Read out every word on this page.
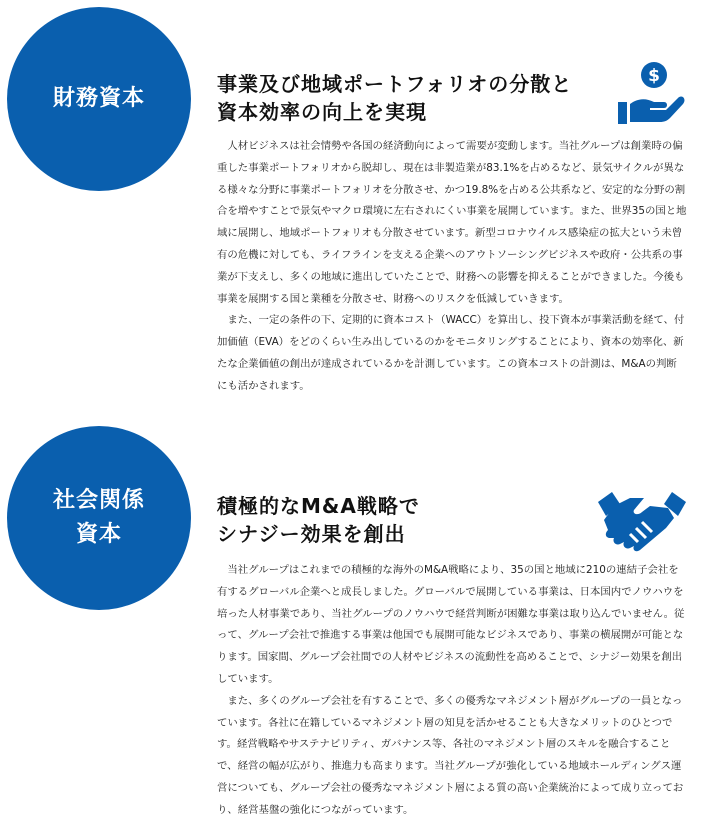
財務資本
事業及び地域ポートフォリオの分散と
資本効率の向上を実現
$

人材ビジネスは社会情勢や各国の経済動向によって需要が変動します。当社グループは創業時の偏重した事業ポートフォリオから脱却し、現在は非製造業が83.1%を占めるなど、景気サイクルが異なる様々な分野に事業ポートフォリオを分散させ、かつ19.8%を占める公共系など、安定的な分野の割合を増やすことで景気やマクロ環境に左右されにくい事業を展開しています。また、世界35の国と地域に展開し、地域ポートフォリオも分散させています。新型コロナウイルス感染症の拡大という未曾有の危機に対しても、ライフラインを支える企業へのアウトソーシングビジネスや政府・公共系の事業が下支えし、多くの地域に進出していたことで、財務への影響を抑えることができました。今後も事業を展開する国と業種を分散させ、財務へのリスクを低減していきます。

また、一定の条件の下、定期的に資本コスト（WACC）を算出し、投下資本が事業活動を経て、付加価値（EVA）をどのくらい生み出しているのかをモニタリングすることにより、資本の効率化、新たな企業価値の創出が達成されているかを計測しています。この資本コストの計測は、M&Aの判断にも活かされます。

社会関係
資本
積極的なM&A戦略で
シナジー効果を創出

当社グループはこれまでの積極的な海外のM&A戦略により、35の国と地域に210の連結子会社を有するグローバル企業へと成長しました。グローバルで展開している事業は、日本国内でノウハウを培った人材事業であり、当社グループのノウハウで経営判断が困難な事業は取り込んでいません。従って、グループ会社で推進する事業は他国でも展開可能なビジネスであり、事業の横展開が可能となります。国家間、グループ会社間での人材やビジネスの流動性を高めることで、シナジー効果を創出しています。

また、多くのグループ会社を有することで、多くの優秀なマネジメント層がグループの一員となっています。各社に在籍しているマネジメント層の知見を活かせることも大きなメリットのひとつです。経営戦略やサステナビリティ、ガバナンス等、各社のマネジメント層のスキルを融合することで、経営の幅が広がり、推進力も高まります。当社グループが強化している地域ホールディングス運営についても、グループ会社の優秀なマネジメント層による質の高い企業統治によって成り立っており、経営基盤の強化につながっています。
